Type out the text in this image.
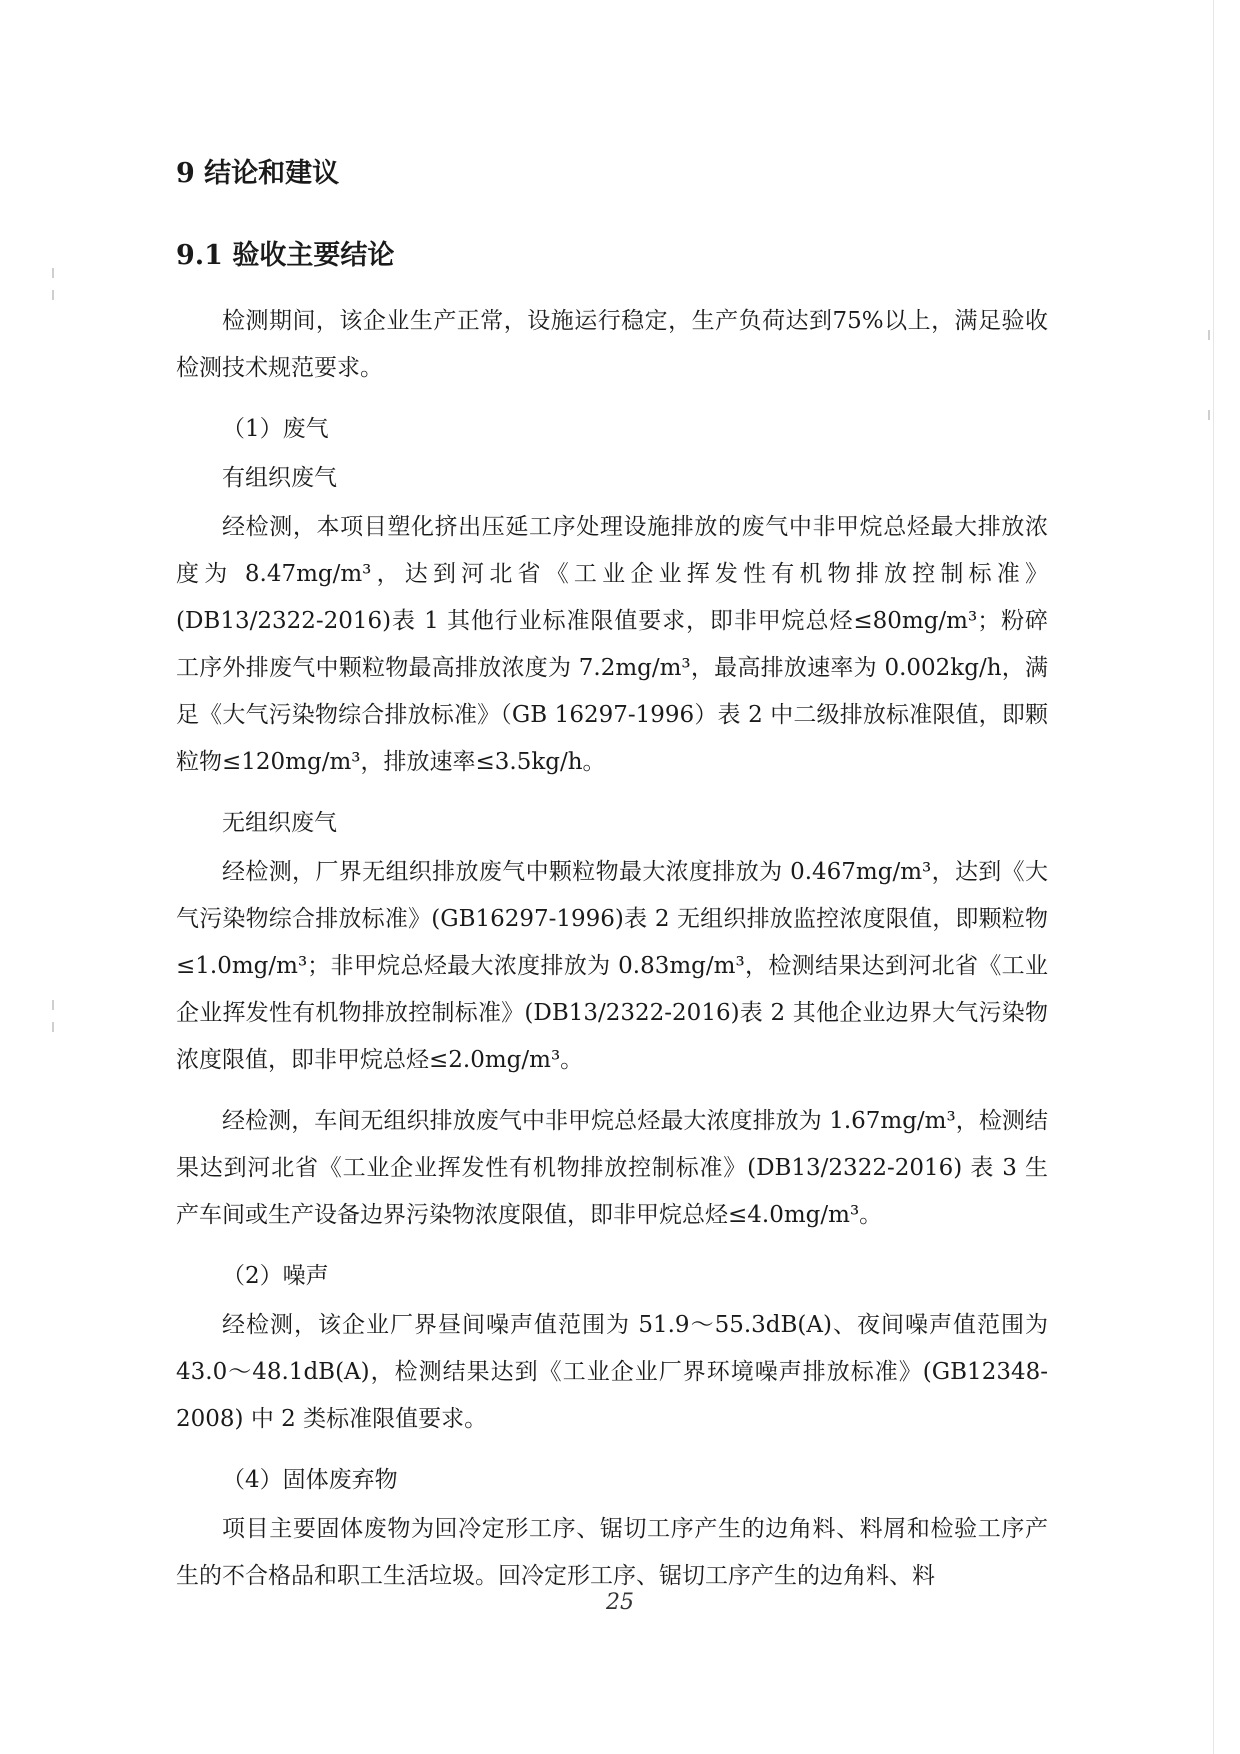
9 结论和建议
9.1 验收主要结论

检测期间，该企业生产正常，设施运行稳定，生产负荷达到75%以上，满足验收检测技术规范要求。

（1）废气

有组织废气

经检测，本项目塑化挤出压延工序处理设施排放的废气中非甲烷总烃最大排放浓度为 8.47mg/m³，达到河北省《工业企业挥发性有机物排放控制标准》(DB13/2322-2016)表 1 其他行业标准限值要求，即非甲烷总烃≤80mg/m³；粉碎工序外排废气中颗粒物最高排放浓度为 7.2mg/m³，最高排放速率为 0.002kg/h，满足《大气污染物综合排放标准》（GB 16297-1996）表 2 中二级排放标准限值，即颗粒物≤120mg/m³，排放速率≤3.5kg/h。

无组织废气

经检测，厂界无组织排放废气中颗粒物最大浓度排放为 0.467mg/m³，达到《大气污染物综合排放标准》(GB16297-1996)表 2 无组织排放监控浓度限值，即颗粒物≤1.0mg/m³；非甲烷总烃最大浓度排放为 0.83mg/m³，检测结果达到河北省《工业企业挥发性有机物排放控制标准》(DB13/2322-2016)表 2 其他企业边界大气污染物浓度限值，即非甲烷总烃≤2.0mg/m³。

经检测，车间无组织排放废气中非甲烷总烃最大浓度排放为 1.67mg/m³，检测结果达到河北省《工业企业挥发性有机物排放控制标准》(DB13/2322-2016) 表 3 生产车间或生产设备边界污染物浓度限值，即非甲烷总烃≤4.0mg/m³。

（2）噪声

经检测，该企业厂界昼间噪声值范围为 51.9～55.3dB(A)、夜间噪声值范围为 43.0～48.1dB(A)，检测结果达到《工业企业厂界环境噪声排放标准》(GB12348-2008) 中 2 类标准限值要求。

（4）固体废弃物

项目主要固体废物为回冷定形工序、锯切工序产生的边角料、料屑和检验工序产生的不合格品和职工生活垃圾。回冷定形工序、锯切工序产生的边角料、料

25
